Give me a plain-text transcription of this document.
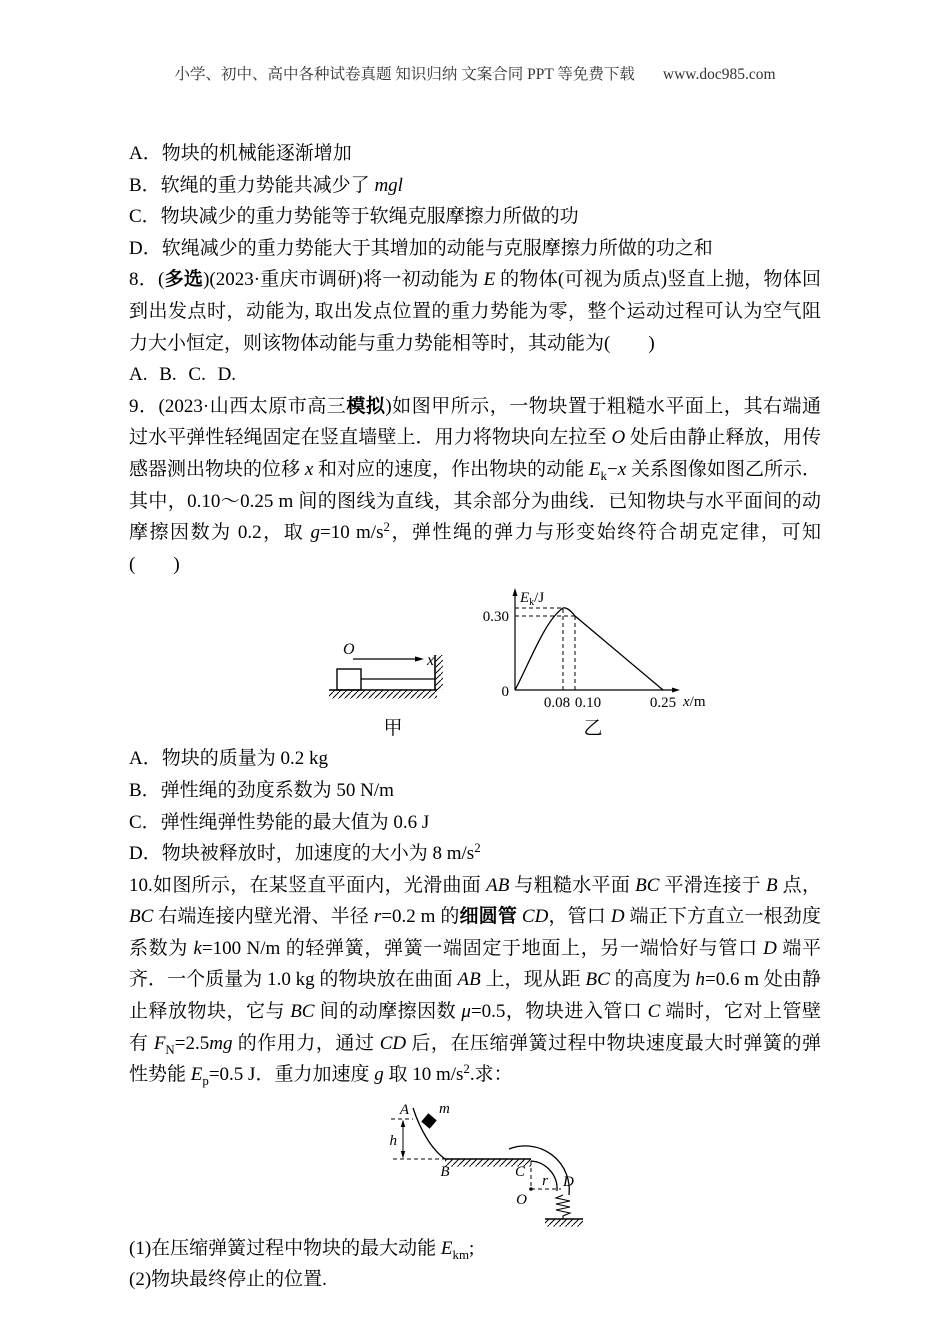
小学、初中、高中各种试卷真题 知识归纳 文案合同 PPT 等免费下载 www.doc985.com
A．物块的机械能逐渐增加
B．软绳的重力势能共减少了 mgl
C．物块减少的重力势能等于软绳克服摩擦力所做的功
D．软绳减少的重力势能大于其增加的动能与克服摩擦力所做的功之和

8．(多选)(2023·重庆市调研)将一初动能为 E 的物体(可视为质点)竖直上抛，物体回到出发点时，动能为, 取出发点位置的重力势能为零，整个运动过程可认为空气阻力大小恒定，则该物体动能与重力势能相等时，其动能为(　　)

A. B. C. D.

9．(2023·山西太原市高三模拟)如图甲所示，一物块置于粗糙水平面上，其右端通过水平弹性轻绳固定在竖直墙壁上．用力将物块向左拉至 O 处后由静止释放，用传感器测出物块的位移 x 和对应的速度，作出物块的动能 $E_k-x$ 关系图像如图乙所示．其中，0.10～0.25 m 间的图线为直线，其余部分为曲线．已知物块与水平面间的动摩擦因数为 0.2，取 g=10 $m/s^2$，弹性绳的弹力与形变始终符合胡克定律，可知(　　)

O
x
甲
$E_k/J$
0.30
0
0.08 0.10	0.25 x/m
乙
A．物块的质量为 0.2 kg
B．弹性绳的劲度系数为 50 N/m
C．弹性绳弹性势能的最大值为 0.6 J
D．物块被释放时，加速度的大小为 8 $m/s^2$

10.如图所示，在某竖直平面内，光滑曲面 AB 与粗糙水平面 BC 平滑连接于 B 点，BC 右端连接内壁光滑、半径 r=0.2 m 的细圆管 CD，管口 D 端正下方直立一根劲度系数为 k=100 N/m 的轻弹簧，弹簧一端固定于地面上，另一端恰好与管口 D 端平齐．一个质量为 1.0 kg 的物块放在曲面 AB 上，现从距 BC 的高度为 h=0.6 m 处由静止释放物块，它与 BC 间的动摩擦因数 μ=0.5，物块进入管口 C 端时，它对上管壁有 $F_N=2.5mg$ 的作用力，通过 CD 后，在压缩弹簧过程中物块速度最大时弹簧的弹性势能 $E_p=0.5$ J．重力加速度 g 取 10 $m/s^2$.求：

A m
h
B	C
O
r D
(1)在压缩弹簧过程中物块的最大动能 $E_{km}$;
(2)物块最终停止的位置.
